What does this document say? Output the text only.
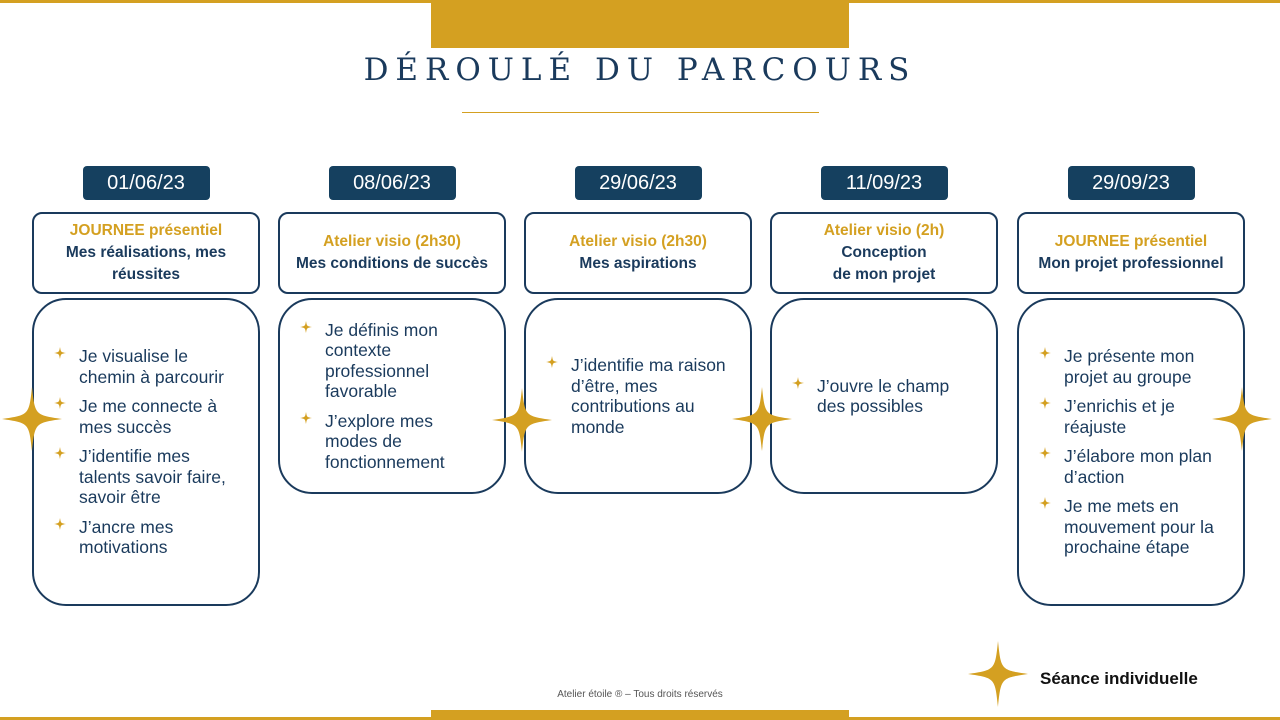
DÉROULÉ DU PARCOURS
01/06/23
JOURNEE présentiel
Mes réalisations, mes
réussites
Je visualise le chemin à parcourir
Je me connecte à mes succès
J’identifie mes talents savoir faire, savoir être
J’ancre mes motivations
08/06/23
Atelier visio (2h30)
Mes conditions de succès
Je définis mon contexte professionnel favorable
J’explore mes modes de fonctionnement
29/06/23
Atelier visio (2h30)
Mes aspirations
J’identifie ma raison d’être, mes contributions au monde
11/09/23
Atelier visio (2h)
Conception
de mon projet
J’ouvre le champ des possibles
29/09/23
JOURNEE présentiel
Mon projet professionnel
Je présente mon projet au groupe
J’enrichis et je réajuste
J’élabore mon plan d’action
Je me mets en mouvement pour la prochaine étape
Séance individuelle
Atelier étoile ® – Tous droits réservés
